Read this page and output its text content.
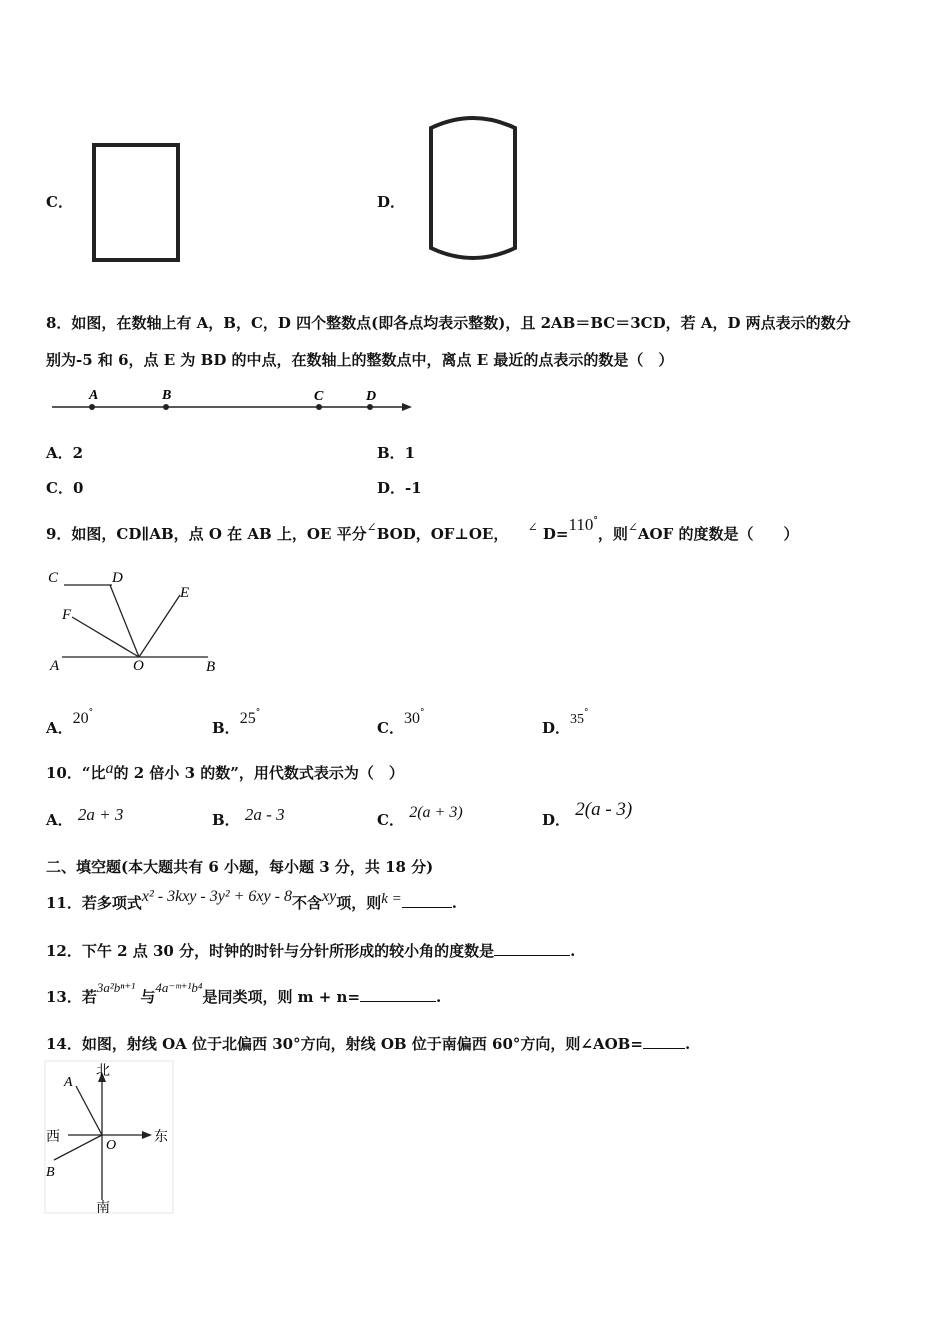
C．	D．
8．如图，在数轴上有 A，B，C，D 四个整数点(即各点均表示整数)，且 2AB＝BC＝3CD，若 A，D 两点表示的数分
别为-5 和 6，点 E 为 BD 的中点，在数轴上的整数点中，离点 E 最近的点表示的数是（　）
A	B	C	D
A．2	B．1
C．0	D．-1
9．如图，CD∥AB，点 O 在 AB 上，OE 平分∠BOD，OF⊥OE， ∠ D=110°，则∠AOF 的度数是（　　）
C	D
E
F
A	O	B
A．20°
B．25°
C．30°
D．35°
10．“比a的 2 倍小 3 的数”，用代数式表示为（　）
A． 2a + 3	B． 2a - 3	C． 2(a + 3)	D． 2(a - 3)
二、填空题(本大题共有 6 小题，每小题 3 分，共 18 分)
11．若多项式x² - 3kxy - 3y² + 6xy - 8不含xy项，则k =	.
12．下午 2 点 30 分，时钟的时针与分针所形成的较小角的度数是	.
13．若3a²bⁿ⁺¹ 与4a⁻ᵐ⁺¹b⁴是同类项，则 m + n=	.
14．如图，射线 OA 位于北偏西 30°方向，射线 OB 位于南偏西 60°方向，则∠AOB=	.
北
西	东
南
A
B
O
